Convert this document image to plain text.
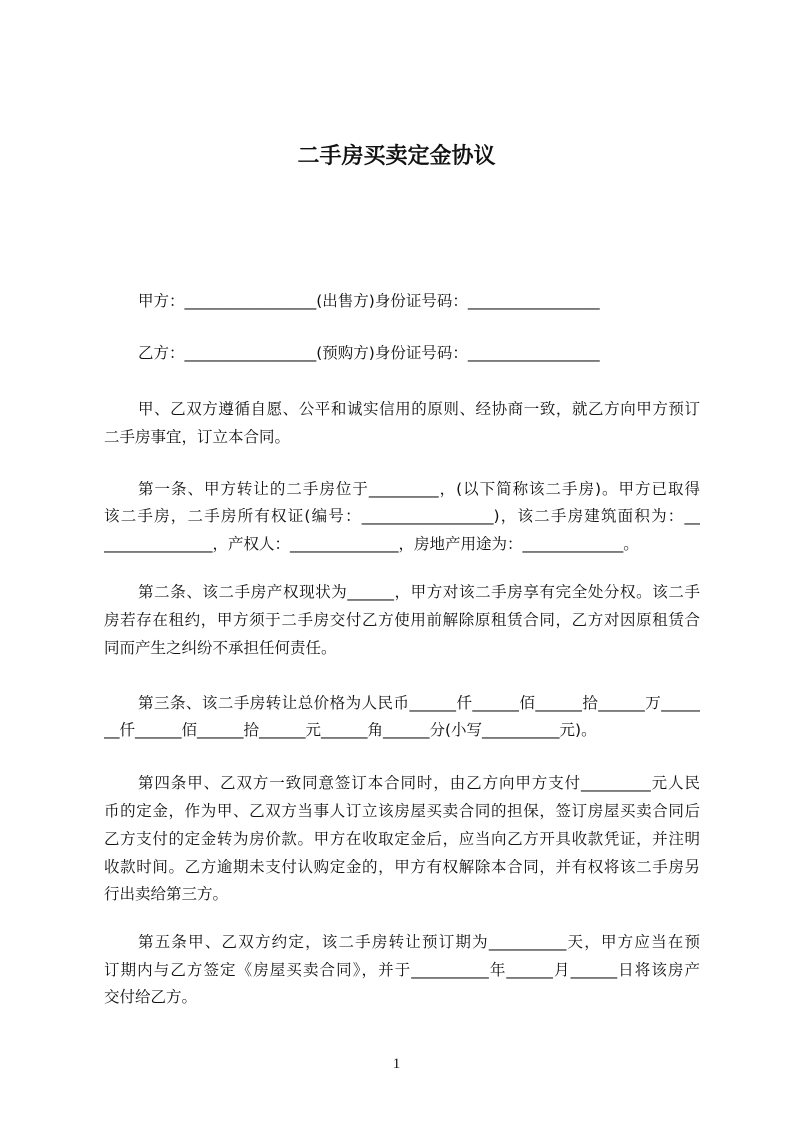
二手房买卖定金协议
甲方：_________________(出售方)身份证号码：_________________
乙方：_________________(预购方)身份证号码：_________________
甲、乙双方遵循自愿、公平和诚实信用的原则、经协商一致，就乙方向甲方预订
二手房事宜，订立本合同。
第一条、甲方转让的二手房位于_________，(以下简称该二手房)。甲方已取得
该二手房，二手房所有权证(编号：_________________)，该二手房建筑面积为：__
______________，产权人：______________，房地产用途为：_____________。
第二条、该二手房产权现状为______，甲方对该二手房享有完全处分权。该二手
房若存在租约，甲方须于二手房交付乙方使用前解除原租赁合同，乙方对因原租赁合
同而产生之纠纷不承担任何责任。
第三条、该二手房转让总价格为人民币______仟______佰______拾______万_____
__仟______佰______拾______元______角______分(小写__________元)。
第四条甲、乙双方一致同意签订本合同时，由乙方向甲方支付_________元人民
币的定金，作为甲、乙双方当事人订立该房屋买卖合同的担保，签订房屋买卖合同后
乙方支付的定金转为房价款。甲方在收取定金后，应当向乙方开具收款凭证，并注明
收款时间。乙方逾期未支付认购定金的，甲方有权解除本合同，并有权将该二手房另
行出卖给第三方。
第五条甲、乙双方约定，该二手房转让预订期为__________天，甲方应当在预
订期内与乙方签定《房屋买卖合同》，并于__________年______月______日将该房产
交付给乙方。
1
